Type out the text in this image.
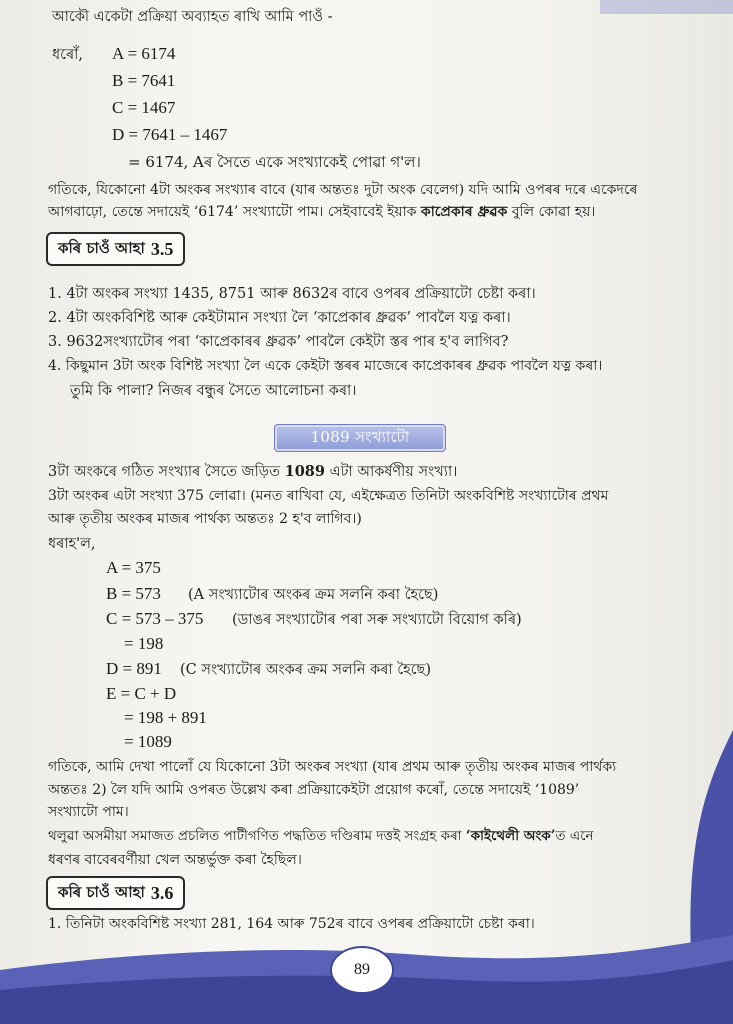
আকৌ একেটা প্ৰক্ৰিয়া অব্যাহত ৰাখি আমি পাওঁ -
ধৰোঁ, A = 6174
B = 7641
C = 1467
D = 7641 – 1467
= 6174, Aৰ সৈতে একে সংখ্যাকেই পোৱা গ'ল।
গতিকে, যিকোনো 4টা অংকৰ সংখ্যাৰ বাবে (যাৰ অন্ততঃ দুটা অংক বেলেগ) যদি আমি ওপৰৰ দৰে একেদৰে
আগবাঢ়ো, তেন্তে সদায়েই ‘6174’ সংখ্যাটো পাম। সেইবাবেই ইয়াক কাপ্ৰেকাৰ ধ্ৰুৱক বুলি কোৱা হয়।
কৰি চাওঁ আহা 3.5
1. 4টা অংকৰ সংখ্যা 1435, 8751 আৰু 8632ৰ বাবে ওপৰৰ প্ৰক্ৰিয়াটো চেষ্টা কৰা।
2. 4টা অংকবিশিষ্ট আৰু কেইটামান সংখ্যা লৈ ‘কাপ্ৰেকাৰ ধ্ৰুৱক’ পাবলৈ যত্ন কৰা।
3. 9632সংখ্যাটোৰ পৰা ‘কাপ্ৰেকাৰৰ ধ্ৰুৱক’ পাবলৈ কেইটা স্তৰ পাৰ হ'ব লাগিব?
4. কিছুমান 3টা অংক বিশিষ্ট সংখ্যা লৈ একে কেইটা স্তৰৰ মাজেৰে কাপ্ৰেকাৰৰ ধ্ৰুৱক পাবলৈ যত্ন কৰা।
তুমি কি পালা? নিজৰ বন্ধুৰ সৈতে আলোচনা কৰা।
1089 সংখ্যাটো
3টা অংকৰে গঠিত সংখ্যাৰ সৈতে জড়িত 1089 এটা আকৰ্ষণীয় সংখ্যা।
3টা অংকৰ এটা সংখ্যা 375 লোৱা। (মনত ৰাখিবা যে, এইক্ষেত্ৰত তিনিটা অংকবিশিষ্ট সংখ্যাটোৰ প্ৰথম
আৰু তৃতীয় অংকৰ মাজৰ পাৰ্থক্য অন্ততঃ 2 হ'ব লাগিব।)
ধৰাহ'ল,
A = 375
B = 573 (A সংখ্যাটোৰ অংকৰ ক্ৰম সলনি কৰা হৈছে)
C = 573 – 375 (ডাঙৰ সংখ্যাটোৰ পৰা সৰু সংখ্যাটো বিয়োগ কৰি)
= 198
D = 891 (C সংখ্যাটোৰ অংকৰ ক্ৰম সলনি কৰা হৈছে)
E = C + D
= 198 + 891
= 1089
গতিকে, আমি দেখা পালোঁ যে যিকোনো 3টা অংকৰ সংখ্যা (যাৰ প্ৰথম আৰু তৃতীয় অংকৰ মাজৰ পাৰ্থক্য
অন্ততঃ 2) লৈ যদি আমি ওপৰত উল্লেখ কৰা প্ৰক্ৰিয়াকেইটা প্ৰয়োগ কৰোঁ, তেন্তে সদায়েই ‘1089’
সংখ্যাটো পাম।
থলুৱা অসমীয়া সমাজত প্ৰচলিত পাটীগণিত পদ্ধতিত দণ্ডিৰাম দত্তই সংগ্ৰহ কৰা ‘কাইথেলী অংক’ত এনে
ধৰণৰ বাবেৰবৰ্ণীয়া খেল অন্তৰ্ভুক্ত কৰা হৈছিল।
কৰি চাওঁ আহা 3.6
1. তিনিটা অংকবিশিষ্ট সংখ্যা 281, 164 আৰু 752ৰ বাবে ওপৰৰ প্ৰক্ৰিয়াটো চেষ্টা কৰা।
89
